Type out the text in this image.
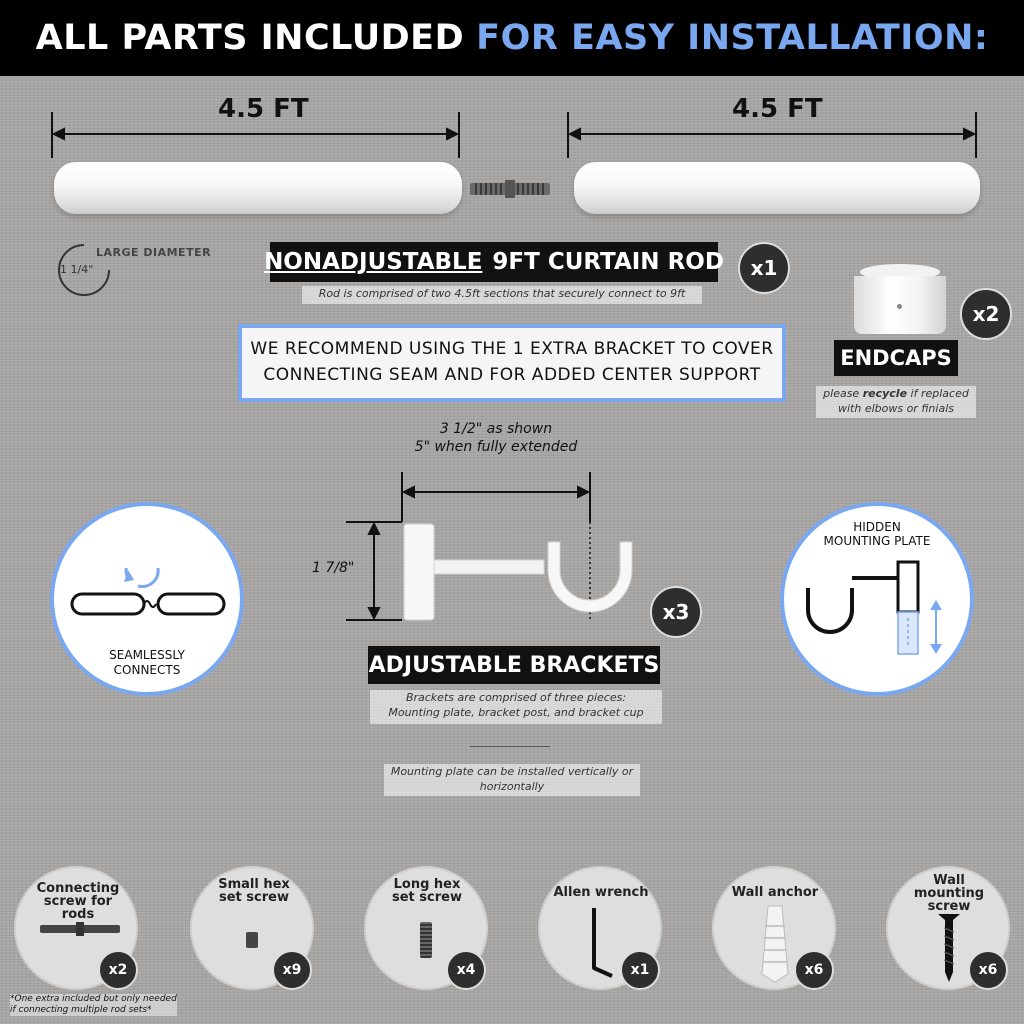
ALL PARTS INCLUDED FOR EASY INSTALLATION:
4.5 FT	4.5 FT
1 1/4"
LARGE DIAMETER NONADJUSTABLE 9FT CURTAIN ROD	x1
Rod is comprised of two 4.5ft sections that securely connect to 9ft
x2
ENDCAPS
please recycle if replaced with elbows or finials
WE RECOMMEND USING THE 1 EXTRA BRACKET TO COVER
CONNECTING SEAM AND FOR ADDED CENTER SUPPORT
3 1/2" as shown
5" when fully extended
1 7/8"
x3
ADJUSTABLE BRACKETS
Brackets are comprised of three pieces:
Mounting plate, bracket post, and bracket cup
Mounting plate can be installed vertically or
horizontally
SEAMLESSLY
CONNECTS
HIDDEN
MOUNTING PLATE
Connecting screw for rods
x2
Small hex set screw
x9
Long hex set screw
x4
Allen wrench
x1
Wall anchor
x6
Wall mounting screw
x6
*One extra included but only needed
if connecting multiple rod sets*
